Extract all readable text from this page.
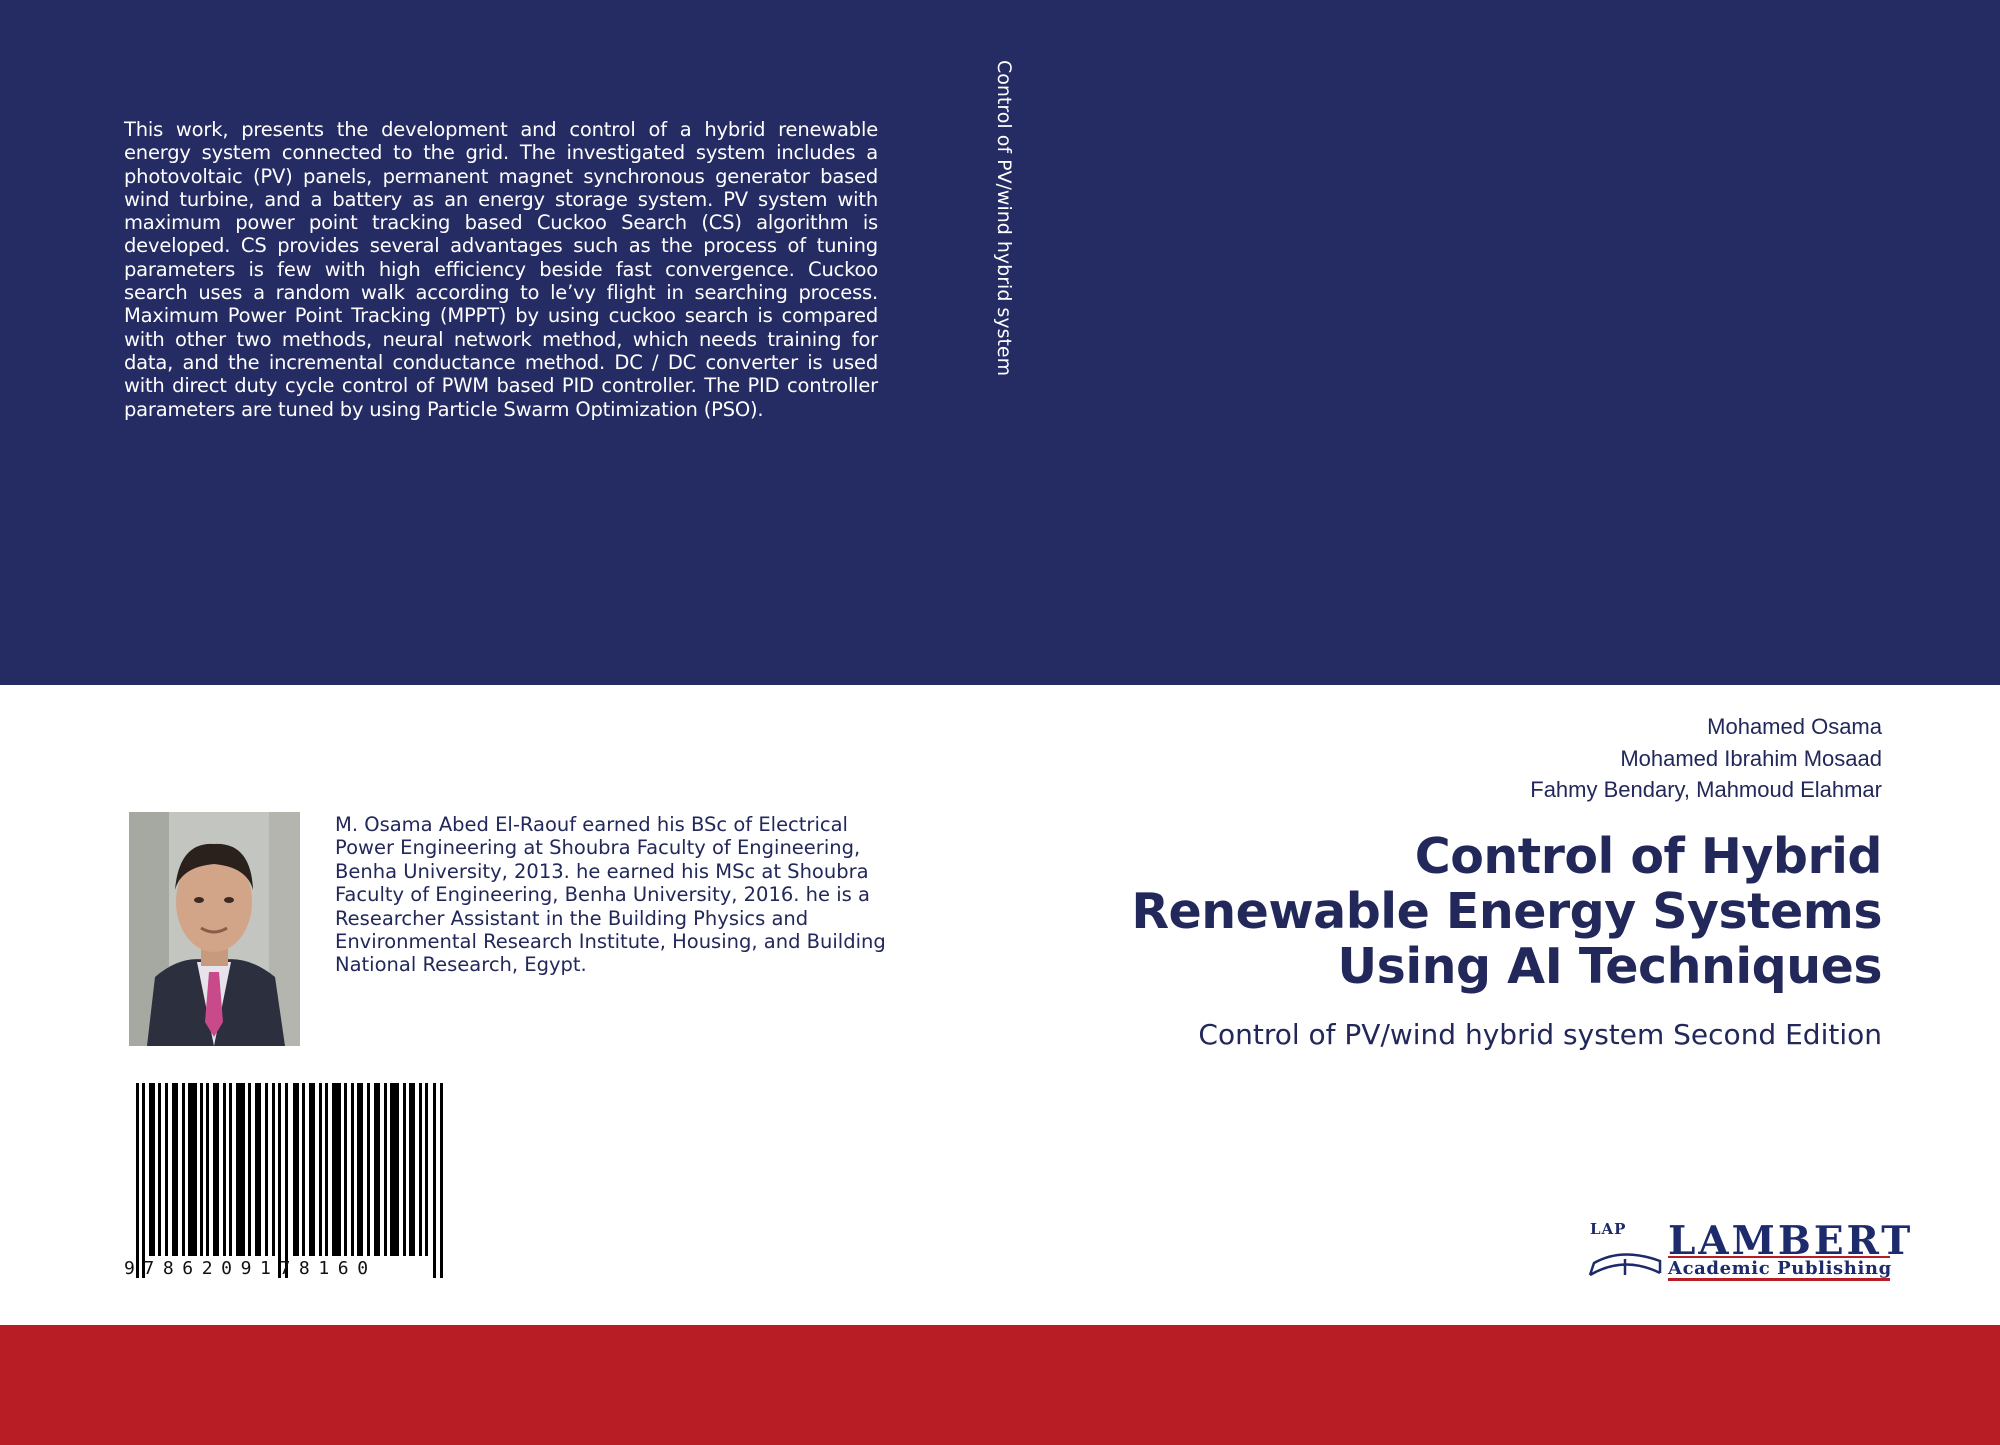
This work, presents the development and control of a hybrid renewable energy system connected to the grid. The investigated system includes a photovoltaic (PV) panels, permanent magnet synchronous generator based wind turbine, and a battery as an energy storage system. PV system with maximum power point tracking based Cuckoo Search (CS) algorithm is developed. CS provides several advantages such as the process of tuning parameters is few with high efficiency beside fast convergence. Cuckoo search uses a random walk according to le’vy flight in searching process. Maximum Power Point Tracking (MPPT) by using cuckoo search is compared with other two methods, neural network method, which needs training for data, and the incremental conductance method. DC / DC converter is used with direct duty cycle control of PWM based PID controller. The PID controller parameters are tuned by using Particle Swarm Optimization (PSO).
Control of PV/wind hybrid system
M. Osama Abed El-Raouf earned his BSc of Electrical Power Engineering at Shoubra Faculty of Engineering, Benha University, 2013. he earned his MSc at Shoubra Faculty of Engineering, Benha University, 2016. he is a Researcher Assistant in the Building Physics and Environmental Research Institute, Housing, and Building National Research, Egypt.
9786209178160
Mohamed Osama
Mohamed Ibrahim Mosaad
Fahmy Bendary, Mahmoud Elahmar
Control of Hybrid
Renewable Energy Systems
Using AI Techniques
Control of PV/wind hybrid system Second Edition
LAP LAMBERT
Academic Publishing
